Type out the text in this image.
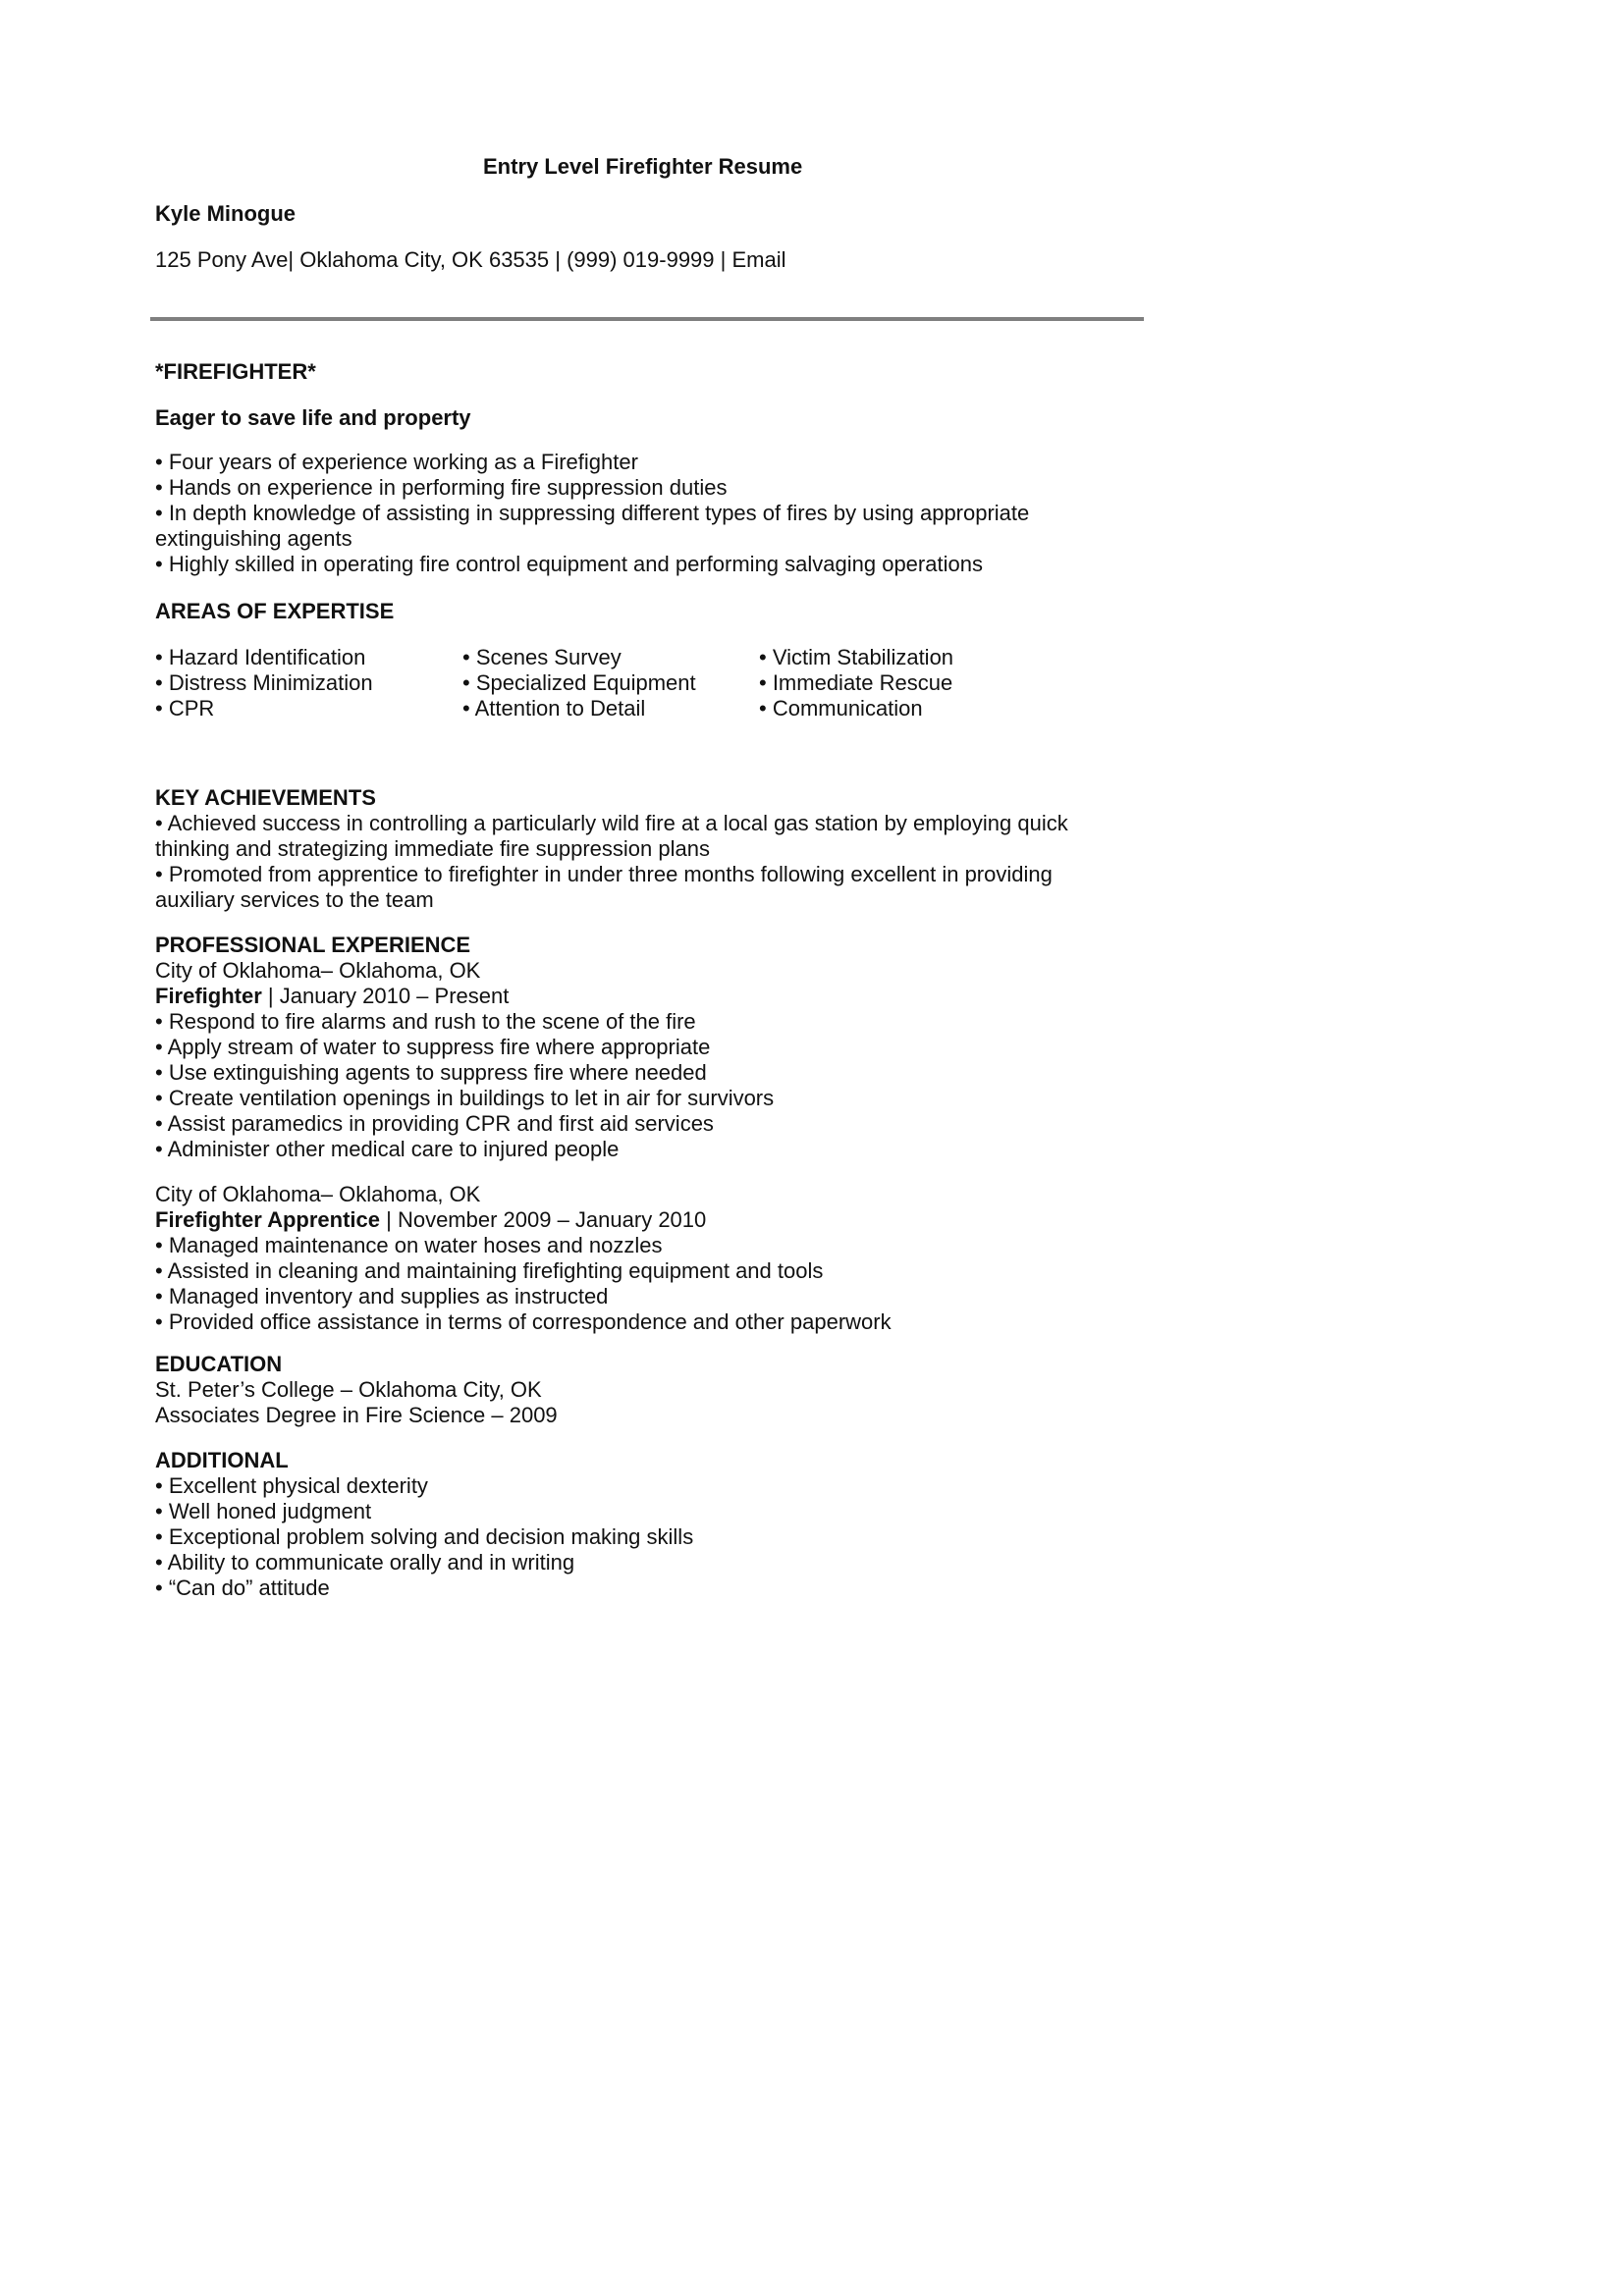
Entry Level Firefighter Resume
Kyle Minogue
125 Pony Ave| Oklahoma City, OK 63535 | (999) 019-9999 | Email
*FIREFIGHTER*
Eager to save life and property
• Four years of experience working as a Firefighter
• Hands on experience in performing fire suppression duties
• In depth knowledge of assisting in suppressing different types of fires by using appropriate
extinguishing agents
• Highly skilled in operating fire control equipment and performing salvaging operations
AREAS OF EXPERTISE
• Hazard Identification	• Scenes Survey	• Victim Stabilization
• Distress Minimization	• Specialized Equipment	• Immediate Rescue
• CPR	• Attention to Detail	• Communication
KEY ACHIEVEMENTS
• Achieved success in controlling a particularly wild fire at a local gas station by employing quick
thinking and strategizing immediate fire suppression plans
• Promoted from apprentice to firefighter in under three months following excellent in providing
auxiliary services to the team
PROFESSIONAL EXPERIENCE
City of Oklahoma– Oklahoma, OK
Firefighter | January 2010 – Present
• Respond to fire alarms and rush to the scene of the fire
• Apply stream of water to suppress fire where appropriate
• Use extinguishing agents to suppress fire where needed
• Create ventilation openings in buildings to let in air for survivors
• Assist paramedics in providing CPR and first aid services
• Administer other medical care to injured people
City of Oklahoma– Oklahoma, OK
Firefighter Apprentice | November 2009 – January 2010
• Managed maintenance on water hoses and nozzles
• Assisted in cleaning and maintaining firefighting equipment and tools
• Managed inventory and supplies as instructed
• Provided office assistance in terms of correspondence and other paperwork
EDUCATION
St. Peter’s College – Oklahoma City, OK
Associates Degree in Fire Science – 2009
ADDITIONAL
• Excellent physical dexterity
• Well honed judgment
• Exceptional problem solving and decision making skills
• Ability to communicate orally and in writing
• “Can do” attitude
